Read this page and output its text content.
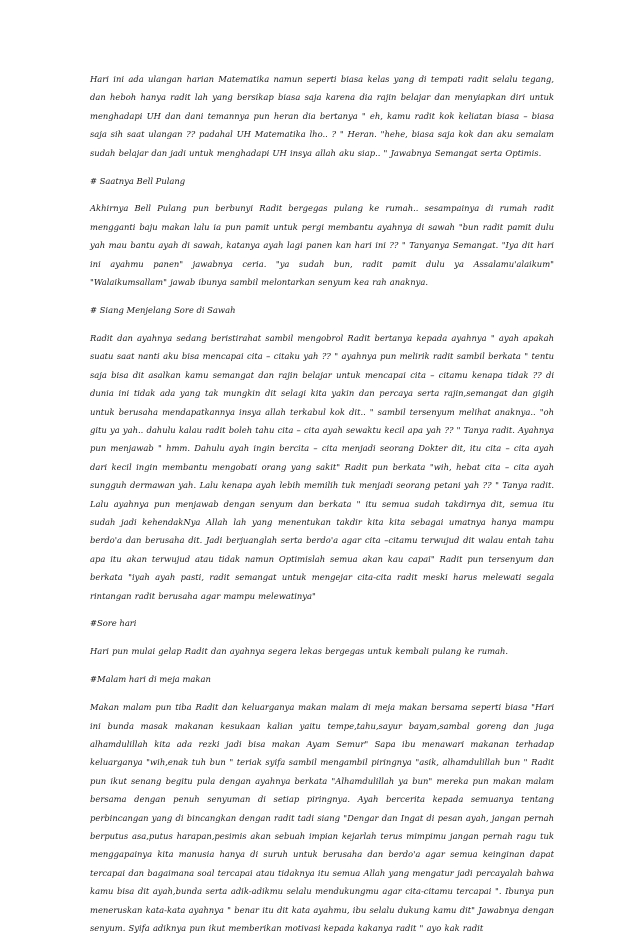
Hari ini ada ulangan harian Matematika namun seperti biasa kelas yang di tempati radit selalu tegang, dan heboh hanya radit lah yang bersikap biasa saja karena dia rajin belajar dan menyiapkan diri untuk menghadapi UH dan dani temannya pun heran dia bertanya " eh, kamu radit kok keliatan biasa – biasa saja sih saat ulangan ?? padahal UH Matematika lho.. ? " Heran. "hehe, biasa saja kok dan aku semalam sudah belajar dan jadi untuk menghadapi UH insya allah aku siap.. " Jawabnya Semangat serta Optimis.

# Saatnya Bell Pulang

Akhirnya Bell Pulang pun berbunyi Radit bergegas pulang ke rumah.. sesampainya di rumah radit mengganti baju makan lalu ia pun pamit untuk pergi membantu ayahnya di sawah "bun radit pamit dulu yah mau bantu ayah di sawah, katanya ayah lagi panen kan hari ini ?? " Tanyanya Semangat. "Iya dit hari ini ayahmu panen" jawabnya ceria. "ya sudah bun, radit pamit dulu ya Assalamu'alaikum" "Walaikumsallam" jawab ibunya sambil melontarkan senyum kea rah anaknya.

# Siang Menjelang Sore di Sawah

Radit dan ayahnya sedang beristirahat sambil mengobrol Radit bertanya kepada ayahnya " ayah apakah suatu saat nanti aku bisa mencapai cita – citaku yah ?? " ayahnya pun melirik radit sambil berkata " tentu saja bisa dit asalkan kamu semangat dan rajin belajar untuk mencapai cita – citamu kenapa tidak ?? di dunia ini tidak ada yang tak mungkin dit selagi kita yakin dan percaya serta rajin,semangat dan gigih untuk berusaha mendapatkannya insya allah terkabul kok dit.. " sambil tersenyum melihat anaknya.. "oh gitu ya yah.. dahulu kalau radit boleh tahu cita – cita ayah sewaktu kecil apa yah ?? " Tanya radit. Ayahnya pun menjawab " hmm. Dahulu ayah ingin bercita – cita menjadi seorang Dokter dit, itu cita – cita ayah dari kecil ingin membantu mengobati orang yang sakit" Radit pun berkata "wih, hebat cita – cita ayah sungguh dermawan yah. Lalu kenapa ayah lebih memilih tuk menjadi seorang petani yah ?? " Tanya radit. Lalu ayahnya pun menjawab dengan senyum dan berkata " itu semua sudah takdirnya dit, semua itu sudah jadi kehendakNya Allah lah yang menentukan takdir kita kita sebagai umatnya hanya mampu berdo'a dan berusaha dit. Jadi berjuanglah serta berdo'a agar cita –citamu terwujud dit walau entah tahu apa itu akan terwujud atau tidak namun Optimislah semua akan kau capai" Radit pun tersenyum dan berkata "iyah ayah pasti, radit semangat untuk mengejar cita-cita radit meski harus melewati segala rintangan radit berusaha agar mampu melewatinya"

#Sore hari

Hari pun mulai gelap Radit dan ayahnya segera lekas bergegas untuk kembali pulang ke rumah.

#Malam hari di meja makan

Makan malam pun tiba Radit dan keluarganya makan malam di meja makan bersama seperti biasa "Hari ini bunda masak makanan kesukaan kalian yaitu tempe,tahu,sayur bayam,sambal goreng dan juga alhamdulillah kita ada rezki jadi bisa makan Ayam Semur" Sapa ibu menawari makanan terhadap keluarganya "wih,enak tuh bun " teriak syifa sambil mengambil piringnya "asik, alhamdulillah bun " Radit pun ikut senang begitu pula dengan ayahnya berkata "Alhamdulillah ya bun" mereka pun makan malam bersama dengan penuh senyuman di setiap piringnya. Ayah bercerita kepada semuanya tentang perbincangan yang di bincangkan dengan radit tadi siang "Dengar dan Ingat di pesan ayah, jangan pernah berputus asa,putus harapan,pesimis akan sebuah impian kejarlah terus mimpimu jangan pernah ragu tuk menggapainya kita manusia hanya di suruh untuk berusaha dan berdo'a agar semua keinginan dapat tercapai dan bagaimana soal tercapai atau tidaknya itu semua Allah yang mengatur jadi percayalah bahwa kamu bisa dit ayah,bunda serta adik-adikmu selalu mendukungmu agar cita-citamu tercapai ". Ibunya pun meneruskan kata-kata ayahnya " benar itu dit kata ayahmu, ibu selalu dukung kamu dit" Jawabnya dengan senyum. Syifa adiknya pun ikut memberikan motivasi kepada kakanya radit " ayo kak radit
